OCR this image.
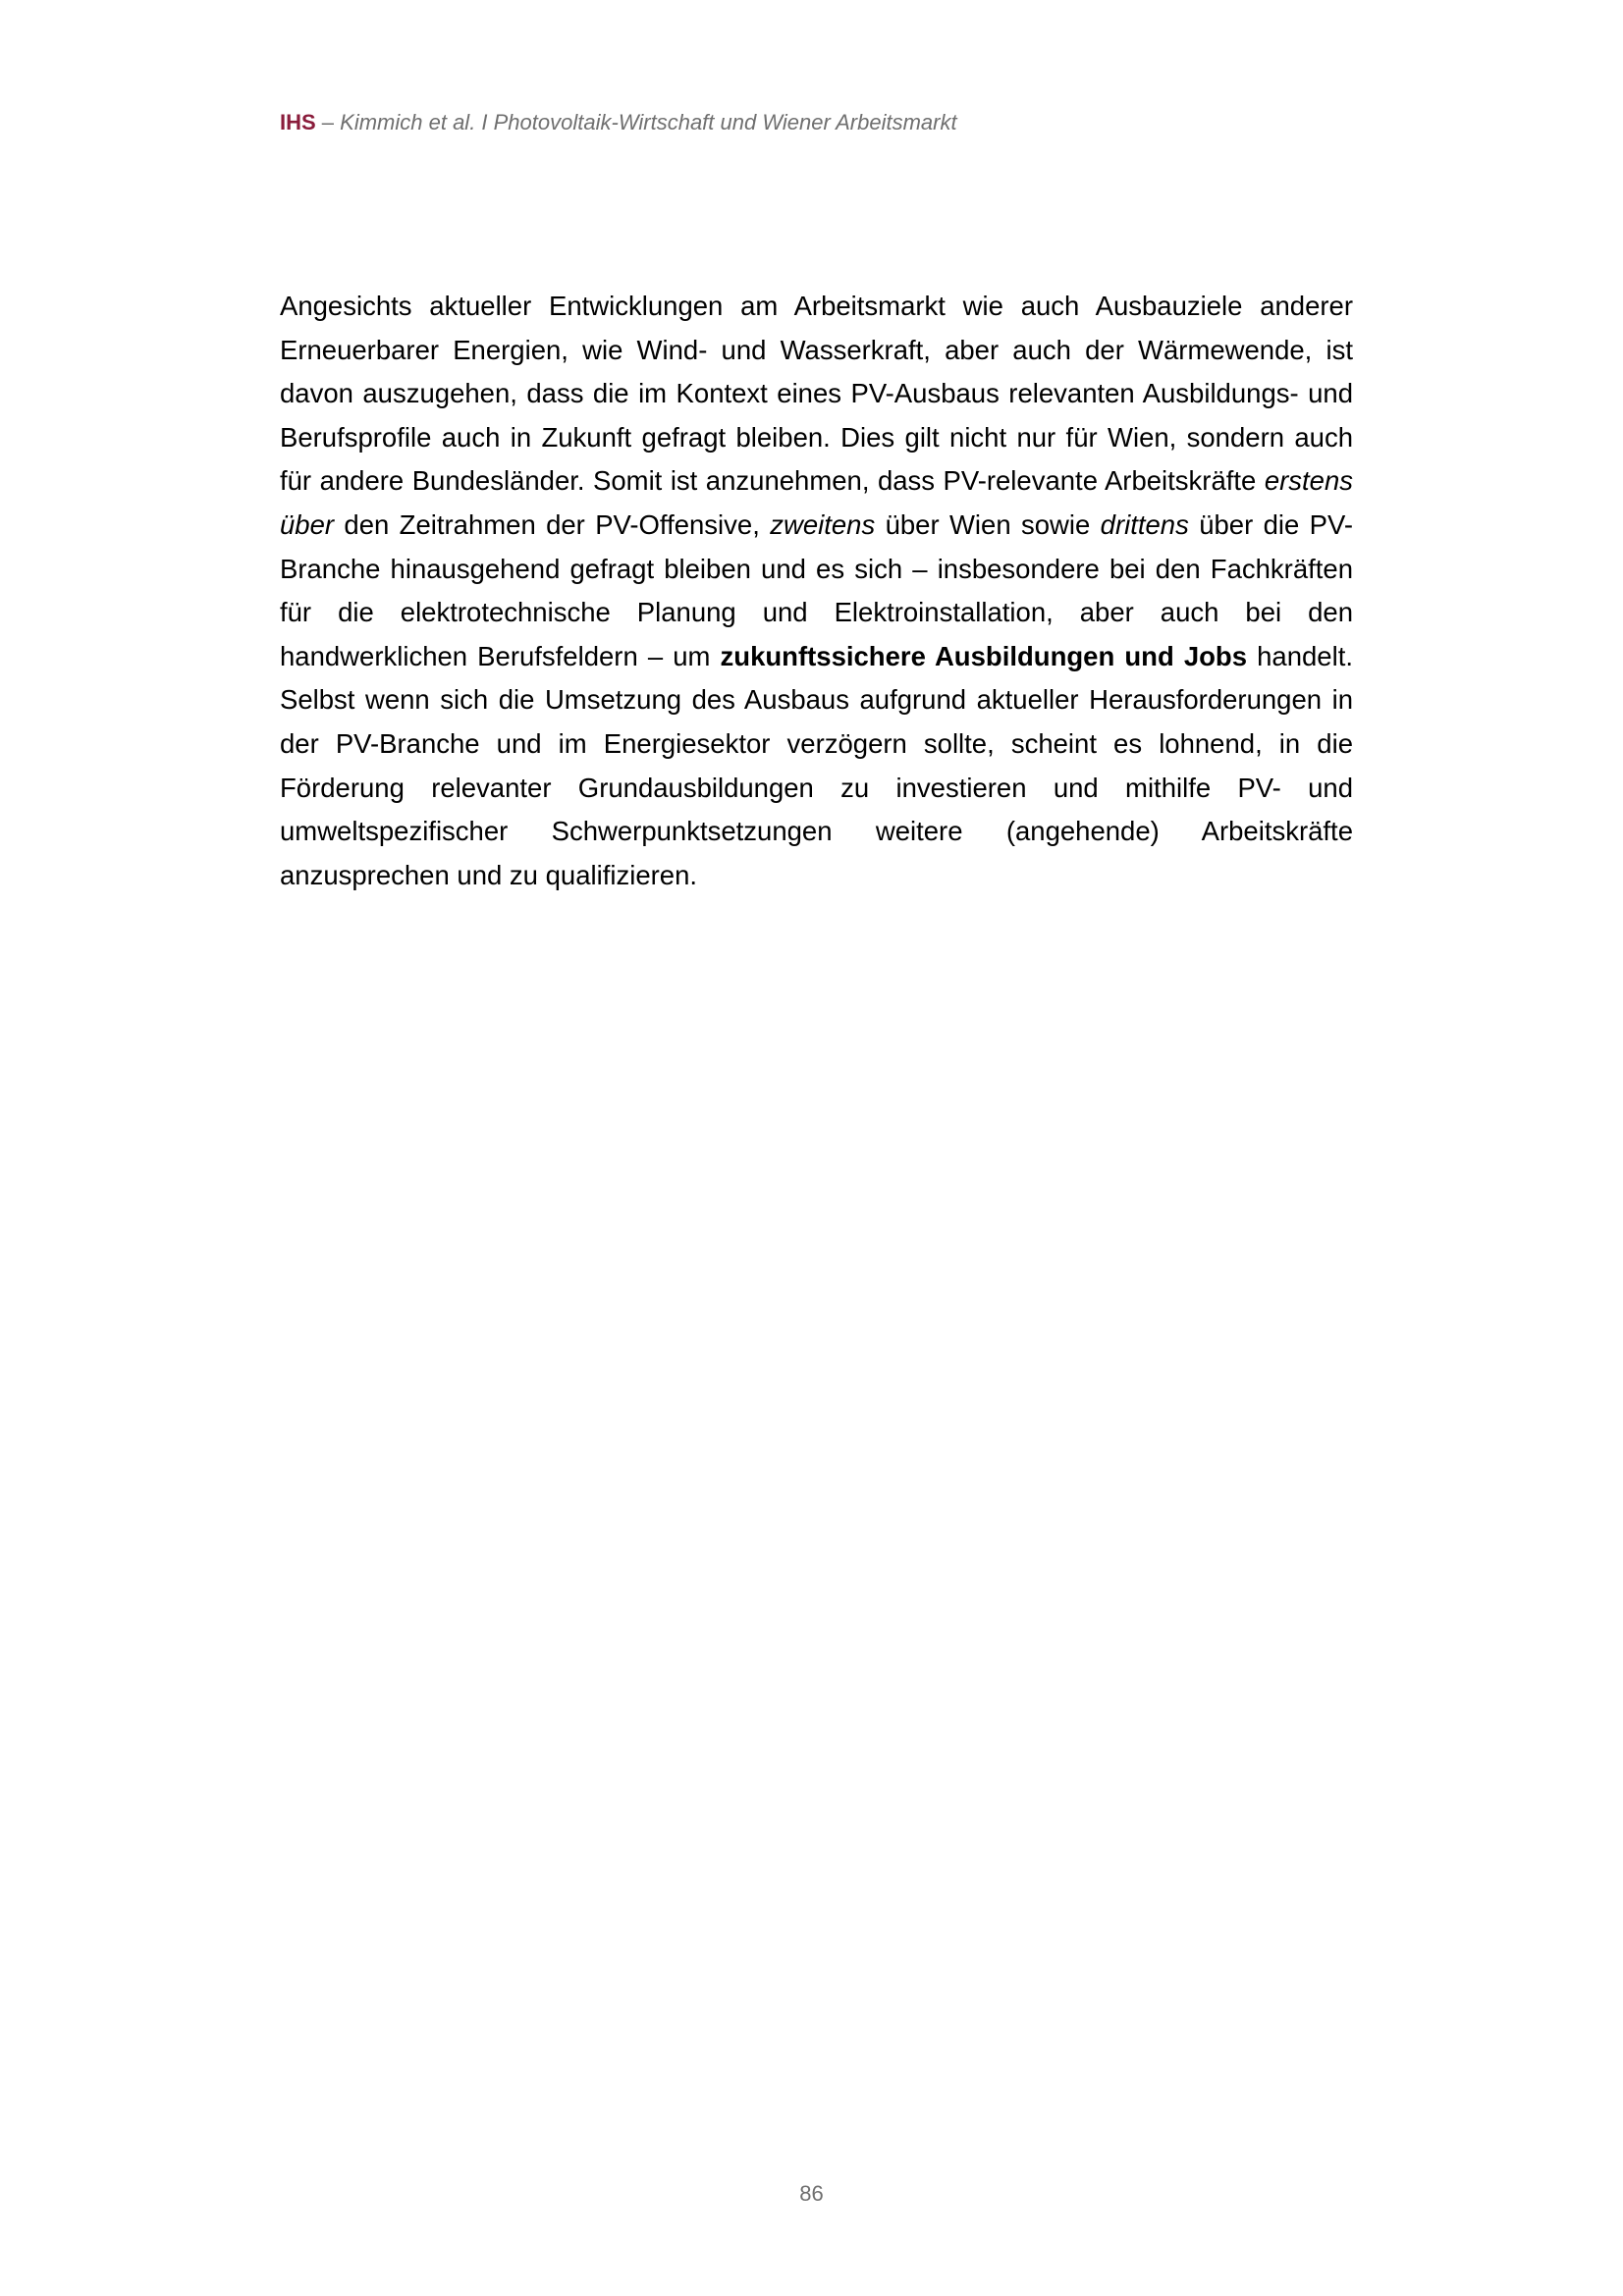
IHS – Kimmich et al. I Photovoltaik-Wirtschaft und Wiener Arbeitsmarkt

Angesichts aktueller Entwicklungen am Arbeitsmarkt wie auch Ausbauziele anderer Erneuerbarer Energien, wie Wind- und Wasserkraft, aber auch der Wärmewende, ist davon auszugehen, dass die im Kontext eines PV-Ausbaus relevanten Ausbildungs- und Berufsprofile auch in Zukunft gefragt bleiben. Dies gilt nicht nur für Wien, sondern auch für andere Bundesländer. Somit ist anzunehmen, dass PV-relevante Arbeitskräfte erstens über den Zeitrahmen der PV-Offensive, zweitens über Wien sowie drittens über die PV-Branche hinausgehend gefragt bleiben und es sich – insbesondere bei den Fachkräften für die elektrotechnische Planung und Elektroinstallation, aber auch bei den handwerklichen Berufsfeldern – um zukunftssichere Ausbildungen und Jobs handelt. Selbst wenn sich die Umsetzung des Ausbaus aufgrund aktueller Herausforderungen in der PV-Branche und im Energiesektor verzögern sollte, scheint es lohnend, in die Förderung relevanter Grundausbildungen zu investieren und mithilfe PV- und umweltspezifischer Schwerpunktsetzungen weitere (angehende) Arbeitskräfte anzusprechen und zu qualifizieren.

86
